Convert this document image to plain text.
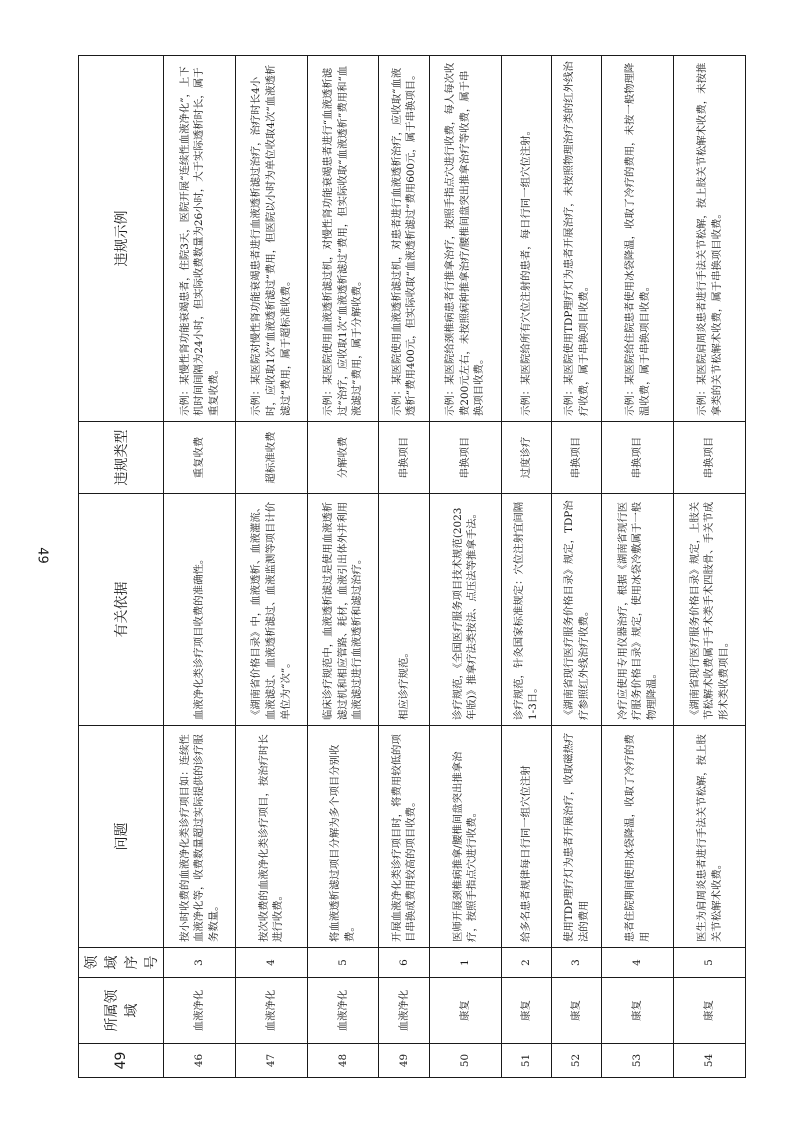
49
49	所属领域	领域序号	问题	有关依据	违规类型	违规示例
46	血液净化	3	按小时收费的血液净化类诊疗项目如：连续性血液净化等，收费数量超过实际提供的诊疗服务数量。	血液净化类诊疗项目收费的准确性。	重复收费	示例：某慢性肾功能衰竭患者，住院3天，医院开展“连续性血液净化”，上下机时间间隔为24小时，但实际收费数量为26小时，大于实际透析时长，属于重复收费。
47	血液净化	4	按次收费的血液净化类诊疗项目，按治疗时长进行收费。	《湖南省价格目录》中，血液透析、血液灌流、血液滤过、血液透析滤过、血液监测等项目计价单位为“次”。	超标准收费	示例：某医院对慢性肾功能衰竭患者进行血液透析滤过治疗，治疗时长4小时，应收取1次“血液透析滤过”费用，但医院以小时为单位收取4次“血液透析滤过”费用，属于超标准收费。
48	血液净化	5	将血液透析滤过项目分解为多个项目分别收费。	临床诊疗规范中，血液透析滤过是使用血液透析滤过机和相应管路、耗材，血液引出体外并利用血液滤过进行血液透析和滤过治疗。	分解收费	示例：某医院使用血液透析滤过机，对慢性肾功能衰竭患者进行“血液透析滤过”治疗，应收取1次“血液透析滤过”费用，但实际收取“血液透析”费用和“血液滤过”费用，属于分解收费。
49	血液净化	6	开展血液净化类诊疗项目时，将费用较低的项目串换成费用较高的项目收费。	相应诊疗规范。	串换项目	示例：某医院使用血液透析滤过机，对患者进行血液透析治疗，应收取“血液透析”费用400元，但实际收取“血液透析滤过”费用600元，属于串换项目。
50	康复	1	医师开展颈椎病推拿/腰椎间盘突出推拿治疗，按照手指点穴进行收费。	诊疗规范，《全国医疗服务项目技术规范(2023年版)》推拿疗法类按法、点压法等推拿手法。	串换项目	示例：某医院给颈椎病患者行推拿治疗，按照手指点穴进行收费，每人每次收费200元左右，未按照病种推拿治疗/腰椎间盘突出推拿治疗等收费，属于串换项目收费。
51	康复	2	给多名患者规律每日行同一组穴位注射	诊疗规范，针灸国家标准规定：穴位注射宜间隔1-3日。	过度诊疗	示例：某医院给所有穴位注射的患者，每日行同一组穴位注射。
52	康复	3	使用TDP理疗灯为患者开展治疗，收取磁热疗法的费用	《湖南省现行医疗服务价格目录》规定，TDP治疗参照红外线治疗收费。	串换项目	示例：某医院使用TDP理疗灯为患者开展治疗，未按照物理治疗类的红外线治疗收费，属于串换项目收费。
53	康复	4	患者住院期间使用冰袋降温，收取了冷疗的费用	冷疗应使用专用仪器治疗，根据《湖南省现行医疗服务价格目录》规定，使用冰袋冷敷属于一般物理降温。	串换项目	示例：某医院给住院患者使用冰袋降温，收取了冷疗的费用，未按一般物理降温收费，属于串换项目收费。
54	康复	5	医生为肩周炎患者进行手法关节松解，按上肢关节松解术收费。	《湖南省现行医疗服务价格目录》规定，上肢关节松解术收费属于手术类手术四肢骨、手关节成形术类收费项目。	串换项目	示例：某医院肩周炎患者进行手法关节松解，按上肢关节松解术收费，未按推拿类的关节松解术收费，属于串换项目收费。
